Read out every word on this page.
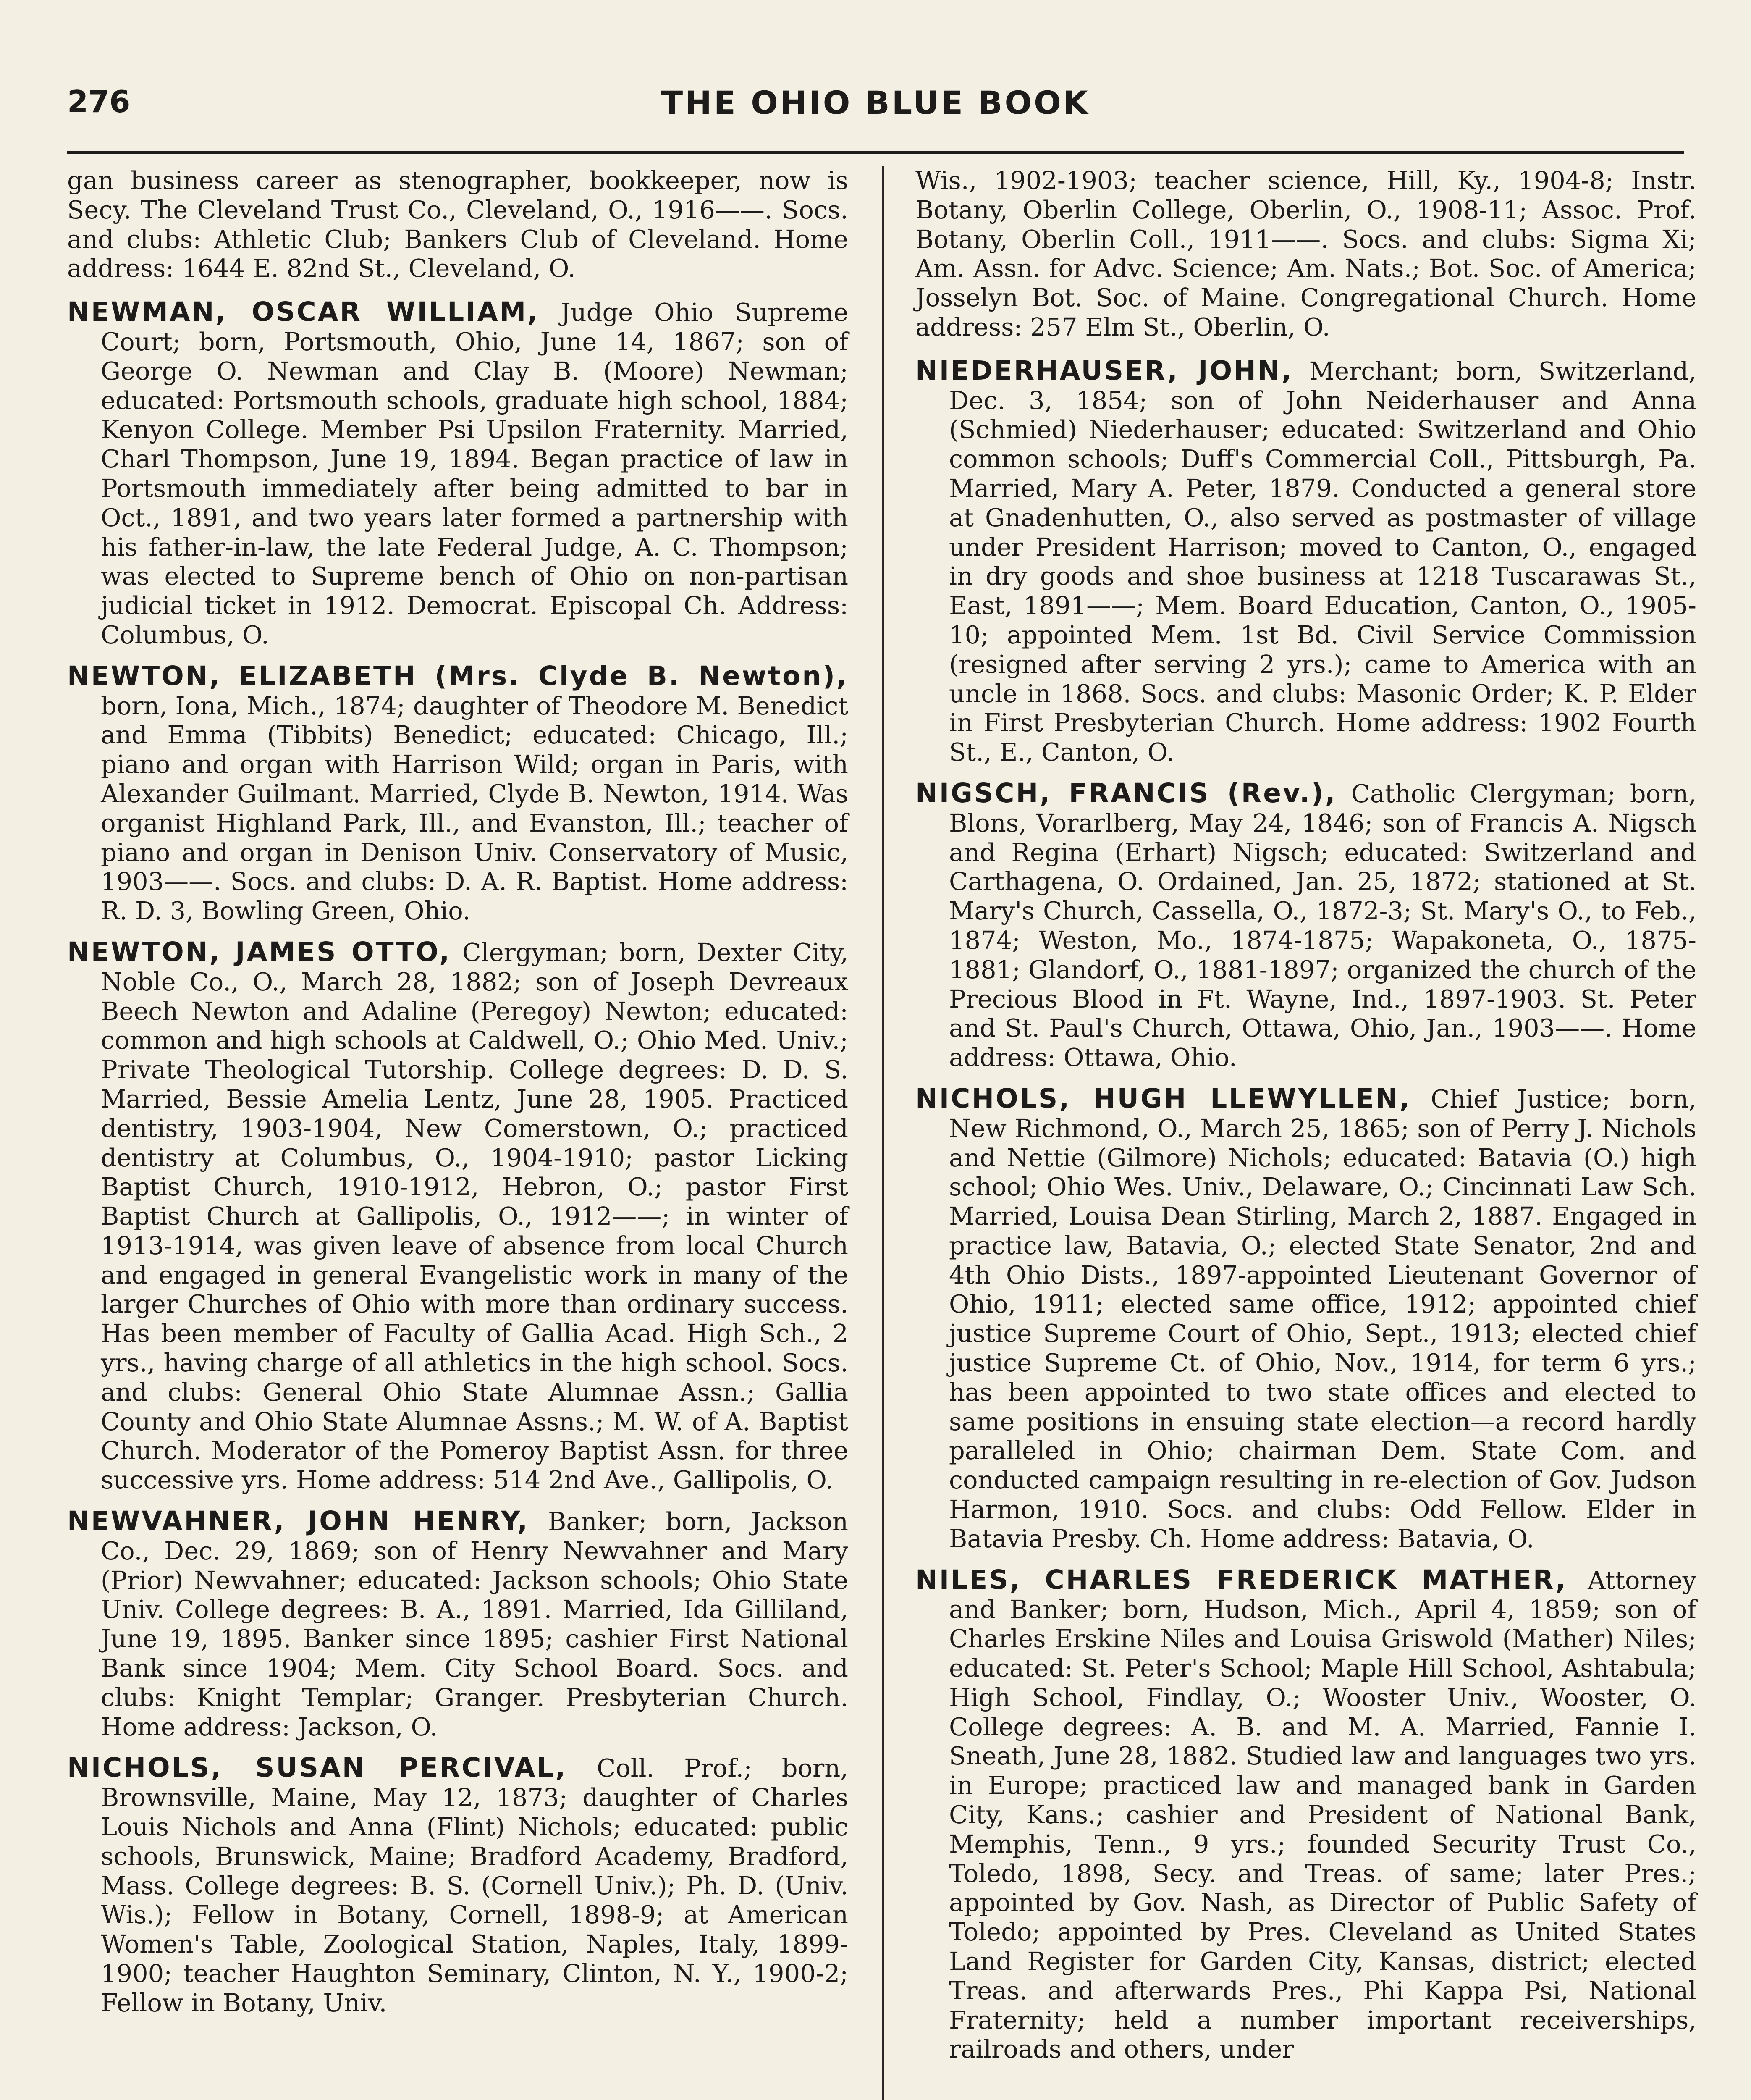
276	THE OHIO BLUE BOOK

gan business career as stenographer, bookkeeper, now is Secy. The Cleveland Trust Co., Cleveland, O., 1916——. Socs. and clubs: Athletic Club; Bankers Club of Cleveland. Home address: 1644 E. 82nd St., Cleveland, O.

NEWMAN, OSCAR WILLIAM, Judge Ohio Supreme Court; born, Portsmouth, Ohio, June 14, 1867; son of George O. Newman and Clay B. (Moore) Newman; educated: Portsmouth schools, graduate high school, 1884; Kenyon College. Member Psi Upsilon Fraternity. Married, Charl Thompson, June 19, 1894. Began practice of law in Portsmouth immediately after being admitted to bar in Oct., 1891, and two years later formed a partnership with his father-in-law, the late Federal Judge, A. C. Thompson; was elected to Supreme bench of Ohio on non-partisan judicial ticket in 1912. Democrat. Episcopal Ch. Address: Columbus, O.

NEWTON, ELIZABETH (Mrs. Clyde B. Newton), born, Iona, Mich., 1874; daughter of Theodore M. Benedict and Emma (Tibbits) Benedict; educated: Chicago, Ill.; piano and organ with Harrison Wild; organ in Paris, with Alexander Guilmant. Married, Clyde B. Newton, 1914. Was organist Highland Park, Ill., and Evanston, Ill.; teacher of piano and organ in Denison Univ. Conservatory of Music, 1903——. Socs. and clubs: D. A. R. Baptist. Home address: R. D. 3, Bowling Green, Ohio.

NEWTON, JAMES OTTO, Clergyman; born, Dexter City, Noble Co., O., March 28, 1882; son of Joseph Devreaux Beech Newton and Adaline (Peregoy) Newton; educated: common and high schools at Caldwell, O.; Ohio Med. Univ.; Private Theological Tutorship. College degrees: D. D. S. Married, Bessie Amelia Lentz, June 28, 1905. Practiced dentistry, 1903-1904, New Comerstown, O.; practiced dentistry at Columbus, O., 1904-1910; pastor Licking Baptist Church, 1910-1912, Hebron, O.; pastor First Baptist Church at Gallipolis, O., 1912——; in winter of 1913-1914, was given leave of absence from local Church and engaged in general Evangelistic work in many of the larger Churches of Ohio with more than ordinary success. Has been member of Faculty of Gallia Acad. High Sch., 2 yrs., having charge of all athletics in the high school. Socs. and clubs: General Ohio State Alumnae Assn.; Gallia County and Ohio State Alumnae Assns.; M. W. of A. Baptist Church. Moderator of the Pomeroy Baptist Assn. for three successive yrs. Home address: 514 2nd Ave., Gallipolis, O.

NEWVAHNER, JOHN HENRY, Banker; born, Jackson Co., Dec. 29, 1869; son of Henry Newvahner and Mary (Prior) Newvahner; educated: Jackson schools; Ohio State Univ. College degrees: B. A., 1891. Married, Ida Gilliland, June 19, 1895. Banker since 1895; cashier First National Bank since 1904; Mem. City School Board. Socs. and clubs: Knight Templar; Granger. Presbyterian Church. Home address: Jackson, O.

NICHOLS, SUSAN PERCIVAL, Coll. Prof.; born, Brownsville, Maine, May 12, 1873; daughter of Charles Louis Nichols and Anna (Flint) Nichols; educated: public schools, Brunswick, Maine; Bradford Academy, Bradford, Mass. College degrees: B. S. (Cornell Univ.); Ph. D. (Univ. Wis.); Fellow in Botany, Cornell, 1898-9; at American Women's Table, Zoological Station, Naples, Italy, 1899-1900; teacher Haughton Seminary, Clinton, N. Y., 1900-2; Fellow in Botany, Univ.

Wis., 1902-1903; teacher science, Hill, Ky., 1904-8; Instr. Botany, Oberlin College, Oberlin, O., 1908-11; Assoc. Prof. Botany, Oberlin Coll., 1911——. Socs. and clubs: Sigma Xi; Am. Assn. for Advc. Science; Am. Nats.; Bot. Soc. of America; Josselyn Bot. Soc. of Maine. Congregational Church. Home address: 257 Elm St., Oberlin, O.

NIEDERHAUSER, JOHN, Merchant; born, Switzerland, Dec. 3, 1854; son of John Neiderhauser and Anna (Schmied) Niederhauser; educated: Switzerland and Ohio common schools; Duff's Commercial Coll., Pittsburgh, Pa. Married, Mary A. Peter, 1879. Conducted a general store at Gnadenhutten, O., also served as postmaster of village under President Harrison; moved to Canton, O., engaged in dry goods and shoe business at 1218 Tuscarawas St., East, 1891——; Mem. Board Education, Canton, O., 1905-10; appointed Mem. 1st Bd. Civil Service Commission (resigned after serving 2 yrs.); came to America with an uncle in 1868. Socs. and clubs: Masonic Order; K. P. Elder in First Presbyterian Church. Home address: 1902 Fourth St., E., Canton, O.

NIGSCH, FRANCIS (Rev.), Catholic Clergyman; born, Blons, Vorarlberg, May 24, 1846; son of Francis A. Nigsch and Regina (Erhart) Nigsch; educated: Switzerland and Carthagena, O. Ordained, Jan. 25, 1872; stationed at St. Mary's Church, Cassella, O., 1872-3; St. Mary's O., to Feb., 1874; Weston, Mo., 1874-1875; Wapakoneta, O., 1875-1881; Glandorf, O., 1881-1897; organized the church of the Precious Blood in Ft. Wayne, Ind., 1897-1903. St. Peter and St. Paul's Church, Ottawa, Ohio, Jan., 1903——. Home address: Ottawa, Ohio.

NICHOLS, HUGH LLEWYLLEN, Chief Justice; born, New Richmond, O., March 25, 1865; son of Perry J. Nichols and Nettie (Gilmore) Nichols; educated: Batavia (O.) high school; Ohio Wes. Univ., Delaware, O.; Cincinnati Law Sch. Married, Louisa Dean Stirling, March 2, 1887. Engaged in practice law, Batavia, O.; elected State Senator, 2nd and 4th Ohio Dists., 1897-appointed Lieutenant Governor of Ohio, 1911; elected same office, 1912; appointed chief justice Supreme Court of Ohio, Sept., 1913; elected chief justice Supreme Ct. of Ohio, Nov., 1914, for term 6 yrs.; has been appointed to two state offices and elected to same positions in ensuing state election—a record hardly paralleled in Ohio; chairman Dem. State Com. and conducted campaign resulting in re-election of Gov. Judson Harmon, 1910. Socs. and clubs: Odd Fellow. Elder in Batavia Presby. Ch. Home address: Batavia, O.

NILES, CHARLES FREDERICK MATHER, Attorney and Banker; born, Hudson, Mich., April 4, 1859; son of Charles Erskine Niles and Louisa Griswold (Mather) Niles; educated: St. Peter's School; Maple Hill School, Ashtabula; High School, Findlay, O.; Wooster Univ., Wooster, O. College degrees: A. B. and M. A. Married, Fannie I. Sneath, June 28, 1882. Studied law and languages two yrs. in Europe; practiced law and managed bank in Garden City, Kans.; cashier and President of National Bank, Memphis, Tenn., 9 yrs.; founded Security Trust Co., Toledo, 1898, Secy. and Treas. of same; later Pres.; appointed by Gov. Nash, as Director of Public Safety of Toledo; appointed by Pres. Cleveland as United States Land Register for Garden City, Kansas, district; elected Treas. and afterwards Pres., Phi Kappa Psi, National Fraternity; held a number important receiverships, railroads and others, under
